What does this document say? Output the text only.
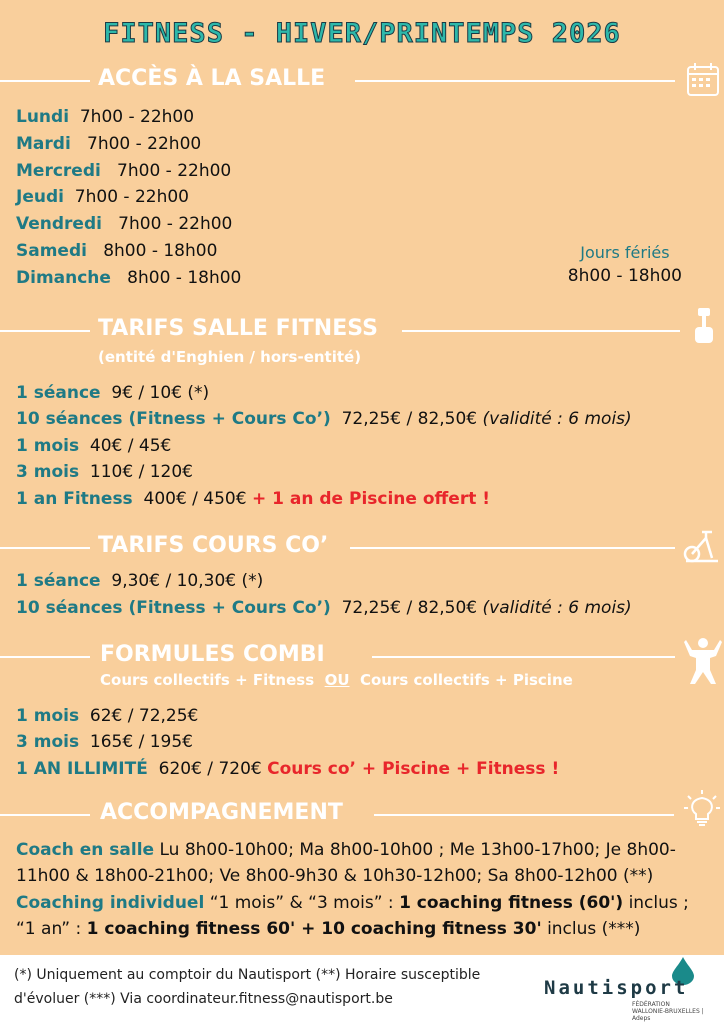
FITNESS - HIVER/PRINTEMPS 2026
ACCÈS À LA SALLE
Lundi 7h00 - 22h00
Mardi 7h00 - 22h00
Mercredi 7h00 - 22h00
Jeudi 7h00 - 22h00
Vendredi 7h00 - 22h00
Samedi 8h00 - 18h00
Dimanche 8h00 - 18h00
Jours fériés
8h00 - 18h00
TARIFS SALLE FITNESS
(entité d'Enghien / hors-entité)
1 séance 9€ / 10€ (*)
10 séances (Fitness + Cours Co’) 72,25€ / 82,50€ (validité : 6 mois)
1 mois 40€ / 45€
3 mois 110€ / 120€
1 an Fitness 400€ / 450€ + 1 an de Piscine offert !
TARIFS COURS CO’
1 séance 9,30€ / 10,30€ (*)
10 séances (Fitness + Cours Co’) 72,25€ / 82,50€ (validité : 6 mois)
FORMULES COMBI
Cours collectifs + Fitness OU Cours collectifs + Piscine
1 mois 62€ / 72,25€
3 mois 165€ / 195€
1 AN ILLIMITÉ 620€ / 720€ Cours co’ + Piscine + Fitness !
ACCOMPAGNEMENT
Coach en salle Lu 8h00-10h00; Ma 8h00-10h00 ; Me 13h00-17h00; Je 8h00-11h00 & 18h00-21h00; Ve 8h00-9h30 & 10h30-12h00; Sa 8h00-12h00 (**)
Coaching individuel “1 mois” & “3 mois” : 1 coaching fitness (60') inclus ; “1 an” : 1 coaching fitness 60' + 10 coaching fitness 30' inclus (***)
(*) Uniquement au comptoir du Nautisport (**) Horaire susceptible d'évoluer (***) Via coordinateur.fitness@nautisport.be	Nautisport
FÉDÉRATION WALLONIE-BRUXELLES | Adeps
